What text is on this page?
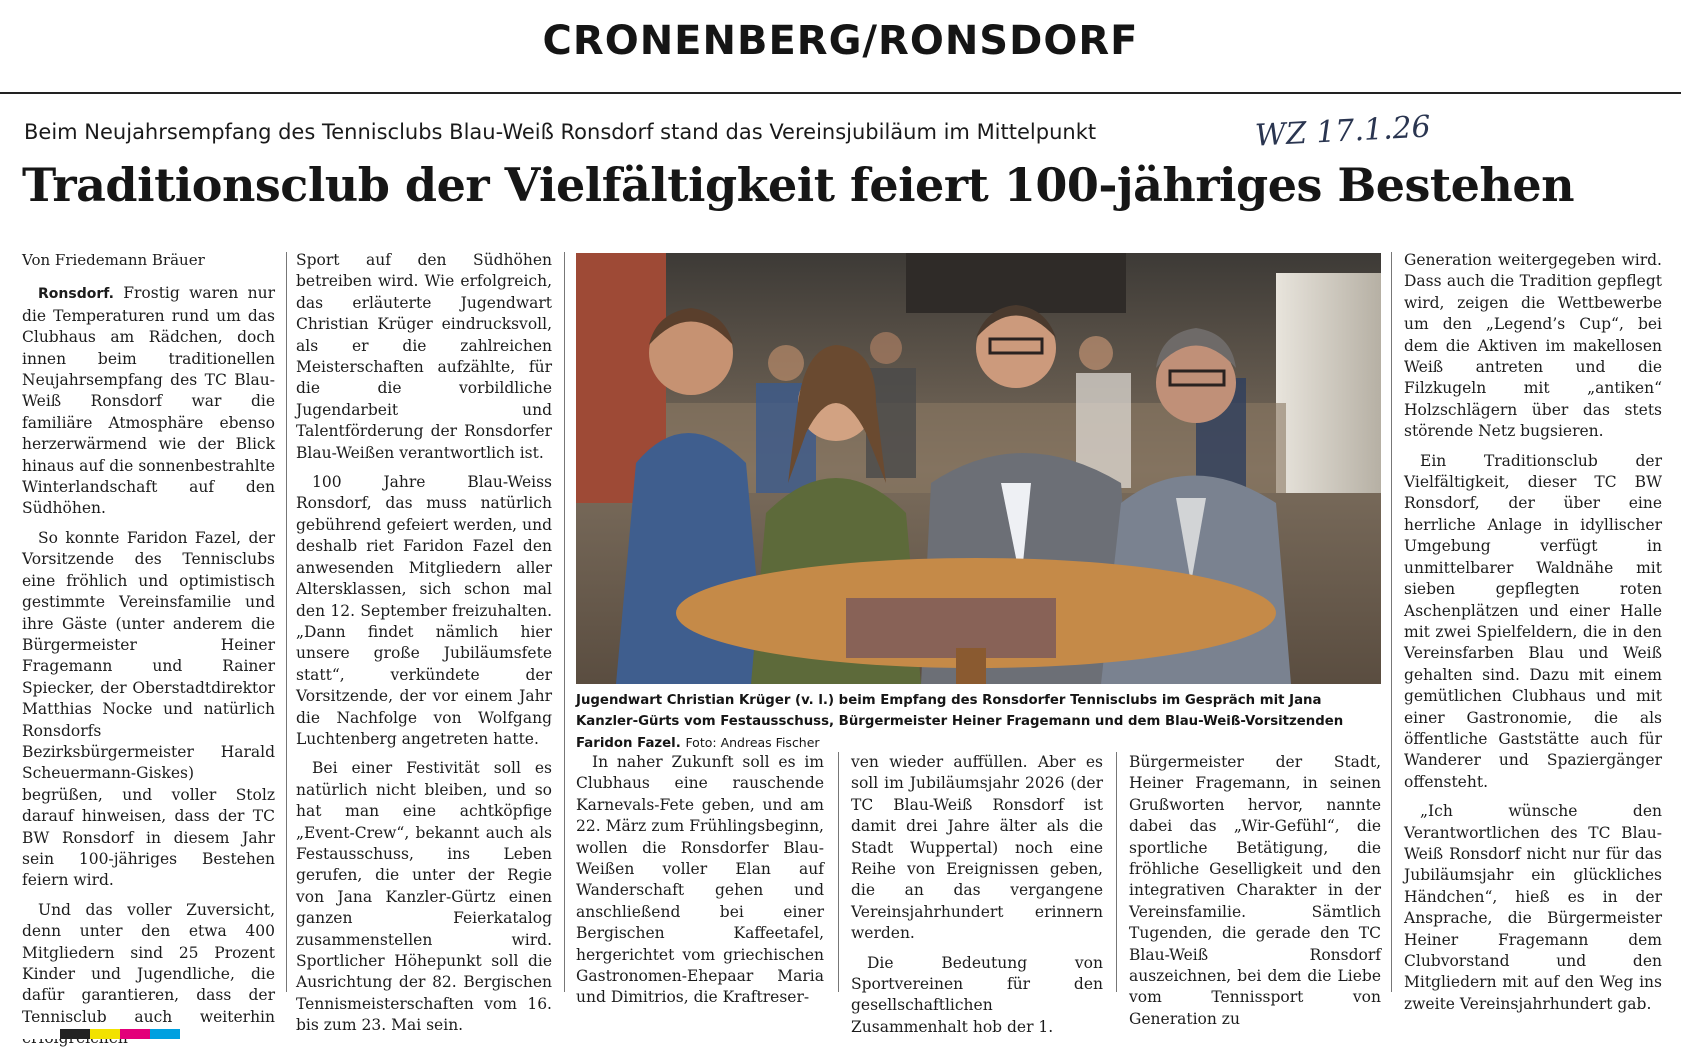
CRONENBERG/RONSDORF
Beim Neujahrsempfang des Tennisclubs Blau-Weiß Ronsdorf stand das Vereinsjubiläum im Mittelpunkt	WZ 17.1.26
Traditionsclub der Vielfältigkeit feiert 100-jähriges Bestehen

Von Friedemann Bräuer

Ronsdorf. Frostig waren nur die Temperaturen rund um das Clubhaus am Rädchen, doch innen beim traditionellen Neujahrsempfang des TC Blau-Weiß Ronsdorf war die familiäre Atmosphäre ebenso herzerwärmend wie der Blick hinaus auf die sonnenbestrahlte Winterlandschaft auf den Südhöhen.

So konnte Faridon Fazel, der Vorsitzende des Tennisclubs eine fröhlich und optimistisch gestimmte Vereinsfamilie und ihre Gäste (unter anderem die Bürgermeister Heiner Fragemann und Rainer Spiecker, der Oberstadtdirektor Matthias Nocke und natürlich Ronsdorfs Bezirksbürgermeister Harald Scheuermann-Giskes) begrüßen, und voller Stolz darauf hinweisen, dass der TC BW Ronsdorf in diesem Jahr sein 100-jähriges Bestehen feiern wird.

Und das voller Zuversicht, denn unter den etwa 400 Mitgliedern sind 25 Prozent Kinder und Jugendliche, die dafür garantieren, dass der Tennisclub auch weiterhin

Sport auf den Südhöhen betreiben wird. Wie erfolgreich, das erläuterte Jugendwart Christian Krüger eindrucksvoll, als er die zahlreichen Meisterschaften aufzählte, für die die vorbildliche Jugendarbeit und Talentförderung der Ronsdorfer Blau-Weißen verantwortlich ist.

100 Jahre Blau-Weiss Ronsdorf, das muss natürlich gebührend gefeiert werden, und deshalb riet Faridon Fazel den anwesenden Mitgliedern aller Altersklassen, sich schon mal den 12. September freizuhalten. „Dann findet nämlich hier unsere große Jubiläumsfete statt“, verkündete der Vorsitzende, der vor einem Jahr die Nachfolge von Wolfgang Luchtenberg angetreten hatte.

Bei einer Festivität soll es natürlich nicht bleiben, und so hat man eine achtköpfige „Event-Crew“, bekannt auch als Festausschuss, ins Leben gerufen, die unter der Regie von Jana Kanzler-Gürtz einen ganzen Feierkatalog zusammenstellen wird. Sportlicher Höhepunkt soll die Ausrichtung der 82. Bergischen Tennismeisterschaften vom 16. bis zum 23. Mai sein.

Jugendwart Christian Krüger (v. l.) beim Empfang des Ronsdorfer Tennisclubs im Gespräch mit Jana Kanzler-Gürts vom Festausschuss, Bürgermeister Heiner Fragemann und dem Blau-Weiß-Vorsitzenden Faridon Fazel. Foto: Andreas Fischer

In naher Zukunft soll es im Clubhaus eine rauschende Karnevals-Fete geben, und am 22. März zum Frühlingsbeginn, wollen die Ronsdorfer Blau-Weißen voller Elan auf Wanderschaft gehen und anschließend bei einer Bergischen Kaffeetafel, hergerichtet vom griechischen Gastronomen-Ehepaar Maria und Dimitrios, die Kraftreser-

ven wieder auffüllen. Aber es soll im Jubiläumsjahr 2026 (der TC Blau-Weiß Ronsdorf ist damit drei Jahre älter als die Stadt Wuppertal) noch eine Reihe von Ereignissen geben, die an das vergangene Vereinsjahrhundert erinnern werden.

Die Bedeutung von Sportvereinen für den gesellschaftlichen Zusammenhalt hob der 1.

Bürgermeister der Stadt, Heiner Fragemann, in seinen Grußworten hervor, nannte dabei das „Wir-Gefühl“, die sportliche Betätigung, die fröhliche Geselligkeit und den integrativen Charakter in der Vereinsfamilie. Sämtlich Tugenden, die gerade den TC Blau-Weiß Ronsdorf auszeichnen, bei dem die Liebe vom Tennissport von Generation zu

Generation weitergegeben wird. Dass auch die Tradition gepflegt wird, zeigen die Wettbewerbe um den „Legend’s Cup“, bei dem die Aktiven im makellosen Weiß antreten und die Filzkugeln mit „antiken“ Holzschlägern über das stets störende Netz bugsieren.

Ein Traditionsclub der Vielfältigkeit, dieser TC BW Ronsdorf, der über eine herrliche Anlage in idyllischer Umgebung verfügt in unmittelbarer Waldnähe mit sieben gepflegten roten Aschenplätzen und einer Halle mit zwei Spielfeldern, die in den Vereinsfarben Blau und Weiß gehalten sind. Dazu mit einem gemütlichen Clubhaus und mit einer Gastronomie, die als öffentliche Gaststätte auch für Wanderer und Spaziergänger offensteht.

„Ich wünsche den Verantwortlichen des TC Blau-Weiß Ronsdorf nicht nur für das Jubiläumsjahr ein glückliches Händchen“, hieß es in der Ansprache, die Bürgermeister Heiner Fragemann dem Clubvorstand und den Mitgliedern mit auf den Weg ins zweite Vereinsjahrhundert gab.
